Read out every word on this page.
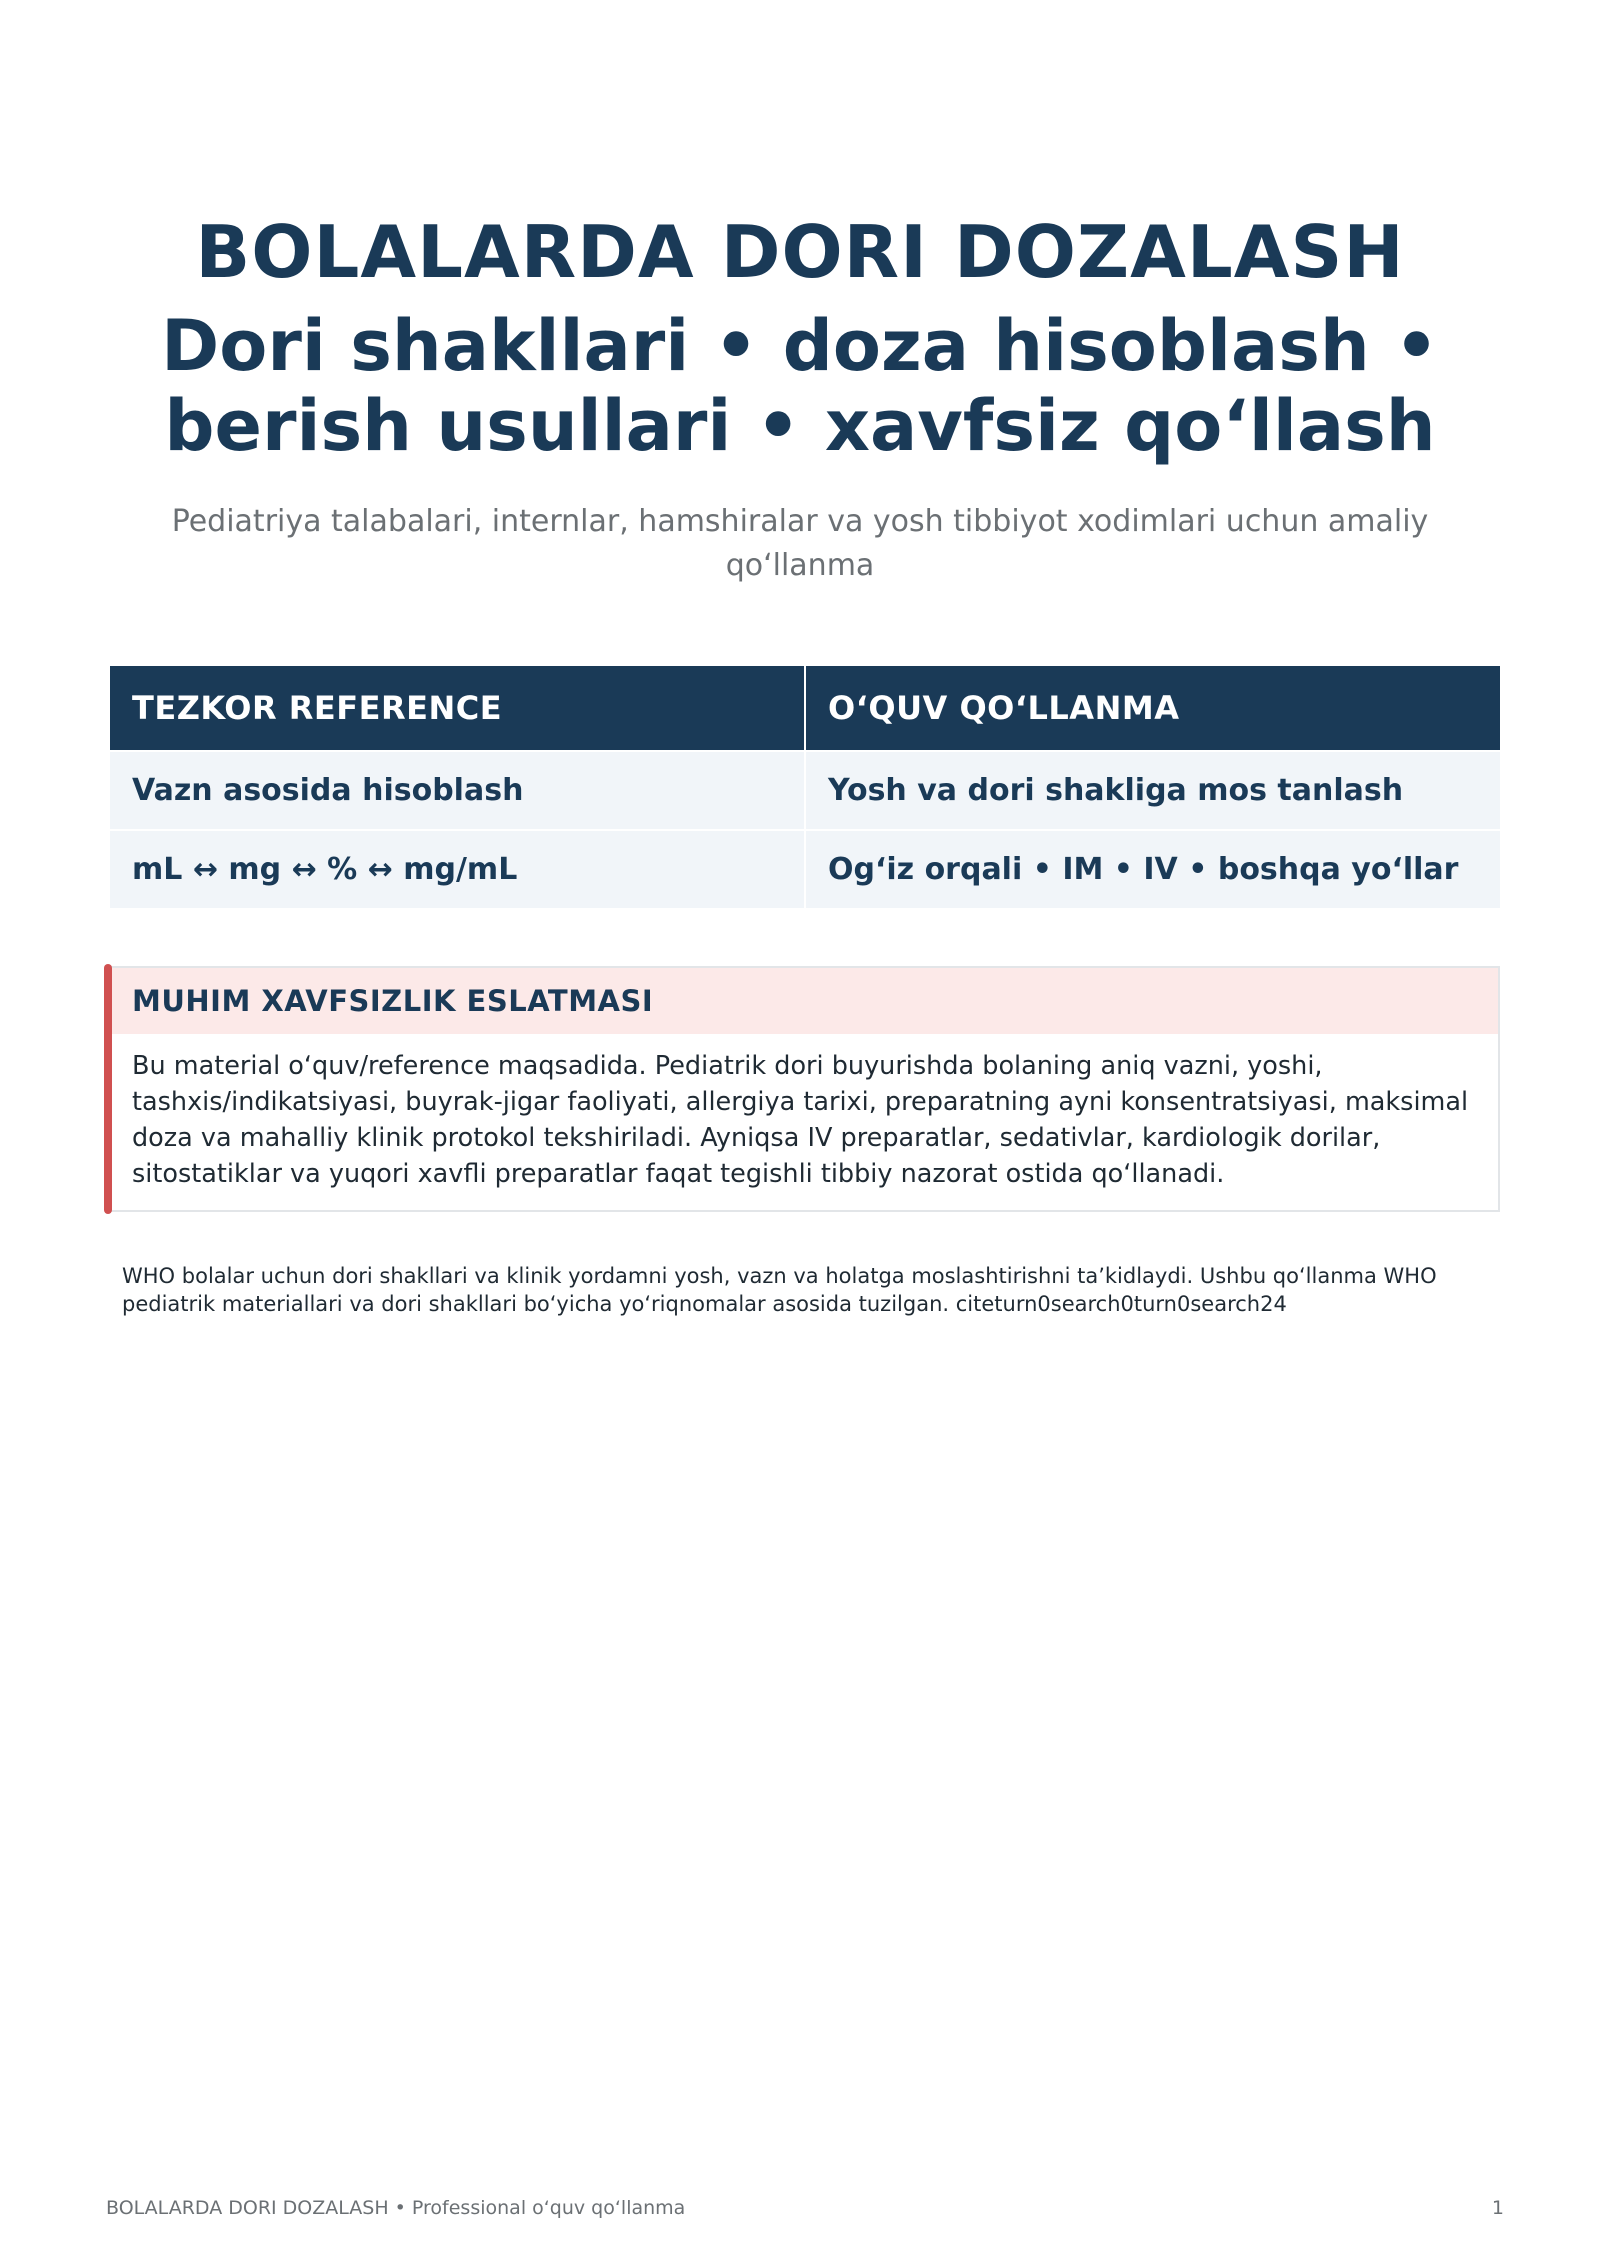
BOLALARDA DORI DOZALASH
Dori shakllari • doza hisoblash •
berish usullari • xavfsiz qoʻllash

Pediatriya talabalari, internlar, hamshiralar va yosh tibbiyot xodimlari uchun amaliy qoʻllanma

TEZKOR REFERENCE	OʻQUV QOʻLLANMA
Vazn asosida hisoblash	Yosh va dori shakliga mos tanlash
mL ↔ mg ↔ % ↔ mg/mL	Ogʻiz orqali • IM • IV • boshqa yoʻllar
MUHIM XAVFSIZLIK ESLATMASI

Bu material oʻquv/reference maqsadida. Pediatrik dori buyurishda bolaning aniq vazni, yoshi, tashxis/indikatsiyasi, buyrak-jigar faoliyati, allergiya tarixi, preparatning ayni konsentratsiyasi, maksimal doza va mahalliy klinik protokol tekshiriladi. Ayniqsa IV preparatlar, sedativlar, kardiologik dorilar, sitostatiklar va yuqori xavfli preparatlar faqat tegishli tibbiy nazorat ostida qoʻllanadi.

WHO bolalar uchun dori shakllari va klinik yordamni yosh, vazn va holatga moslashtirishni taʼkidlaydi. Ushbu qoʻllanma WHO pediatrik materiallari va dori shakllari boʻyicha yoʻriqnomalar asosida tuzilgan. cite⁠turn0search0⁠turn0search24

BOLALARDA DORI DOZALASH • Professional oʻquv qoʻllanma	1
